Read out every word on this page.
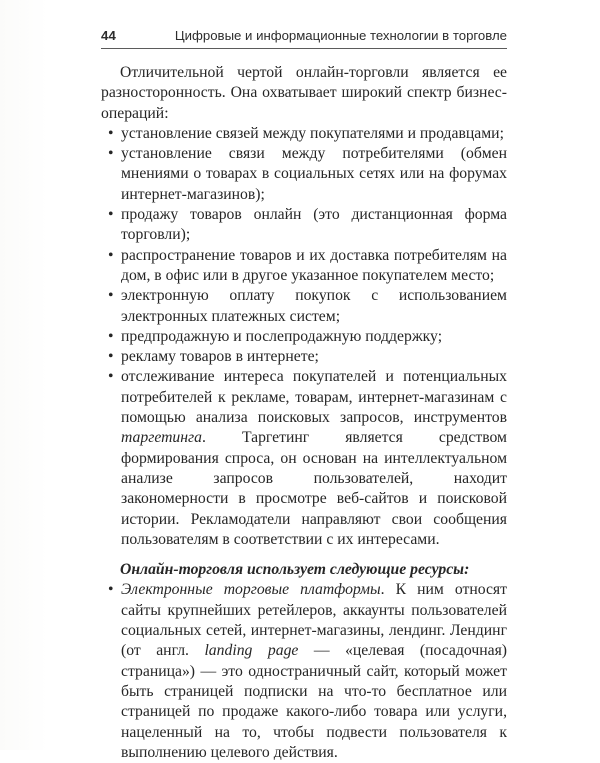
44	Цифровые и информационные технологии в торговле

Отличительной чертой онлайн-торговли является ее разносторонность. Она охватывает широкий спектр бизнес-операций:

• установление связей между покупателями и продавцами;
• установление связи между потребителями (обмен мнениями о товарах в социальных сетях или на форумах интернет-магазинов);
• продажу товаров онлайн (это дистанционная форма торговли);
• распространение товаров и их доставка потребителям на дом, в офис или в другое указанное покупателем место;
• электронную оплату покупок с использованием электронных платежных систем;
• предпродажную и послепродажную поддержку;
• рекламу товаров в интернете;
• отслеживание интереса покупателей и потенциальных потребителей к рекламе, товарам, интернет-магазинам с помощью анализа поисковых запросов, инструментов таргетинга. Таргетинг является средством формирования спроса, он основан на интеллектуальном анализе запросов пользователей, находит закономерности в просмотре веб-сайтов и поисковой истории. Рекламодатели направляют свои сообщения пользователям в соответствии с их интересами.

Онлайн-торговля использует следующие ресурсы:

• Электронные торговые платформы. К ним относят сайты крупнейших ретейлеров, аккаунты пользователей социальных сетей, интернет-магазины, лендинг. Лендинг (от англ. landing page — «целевая (посадочная) страница») — это одностраничный сайт, который может быть страницей подписки на что-то бесплатное или страницей по продаже какого-либо товара или услуги, нацеленный на то, чтобы подвести пользователя к выполнению целевого действия.
